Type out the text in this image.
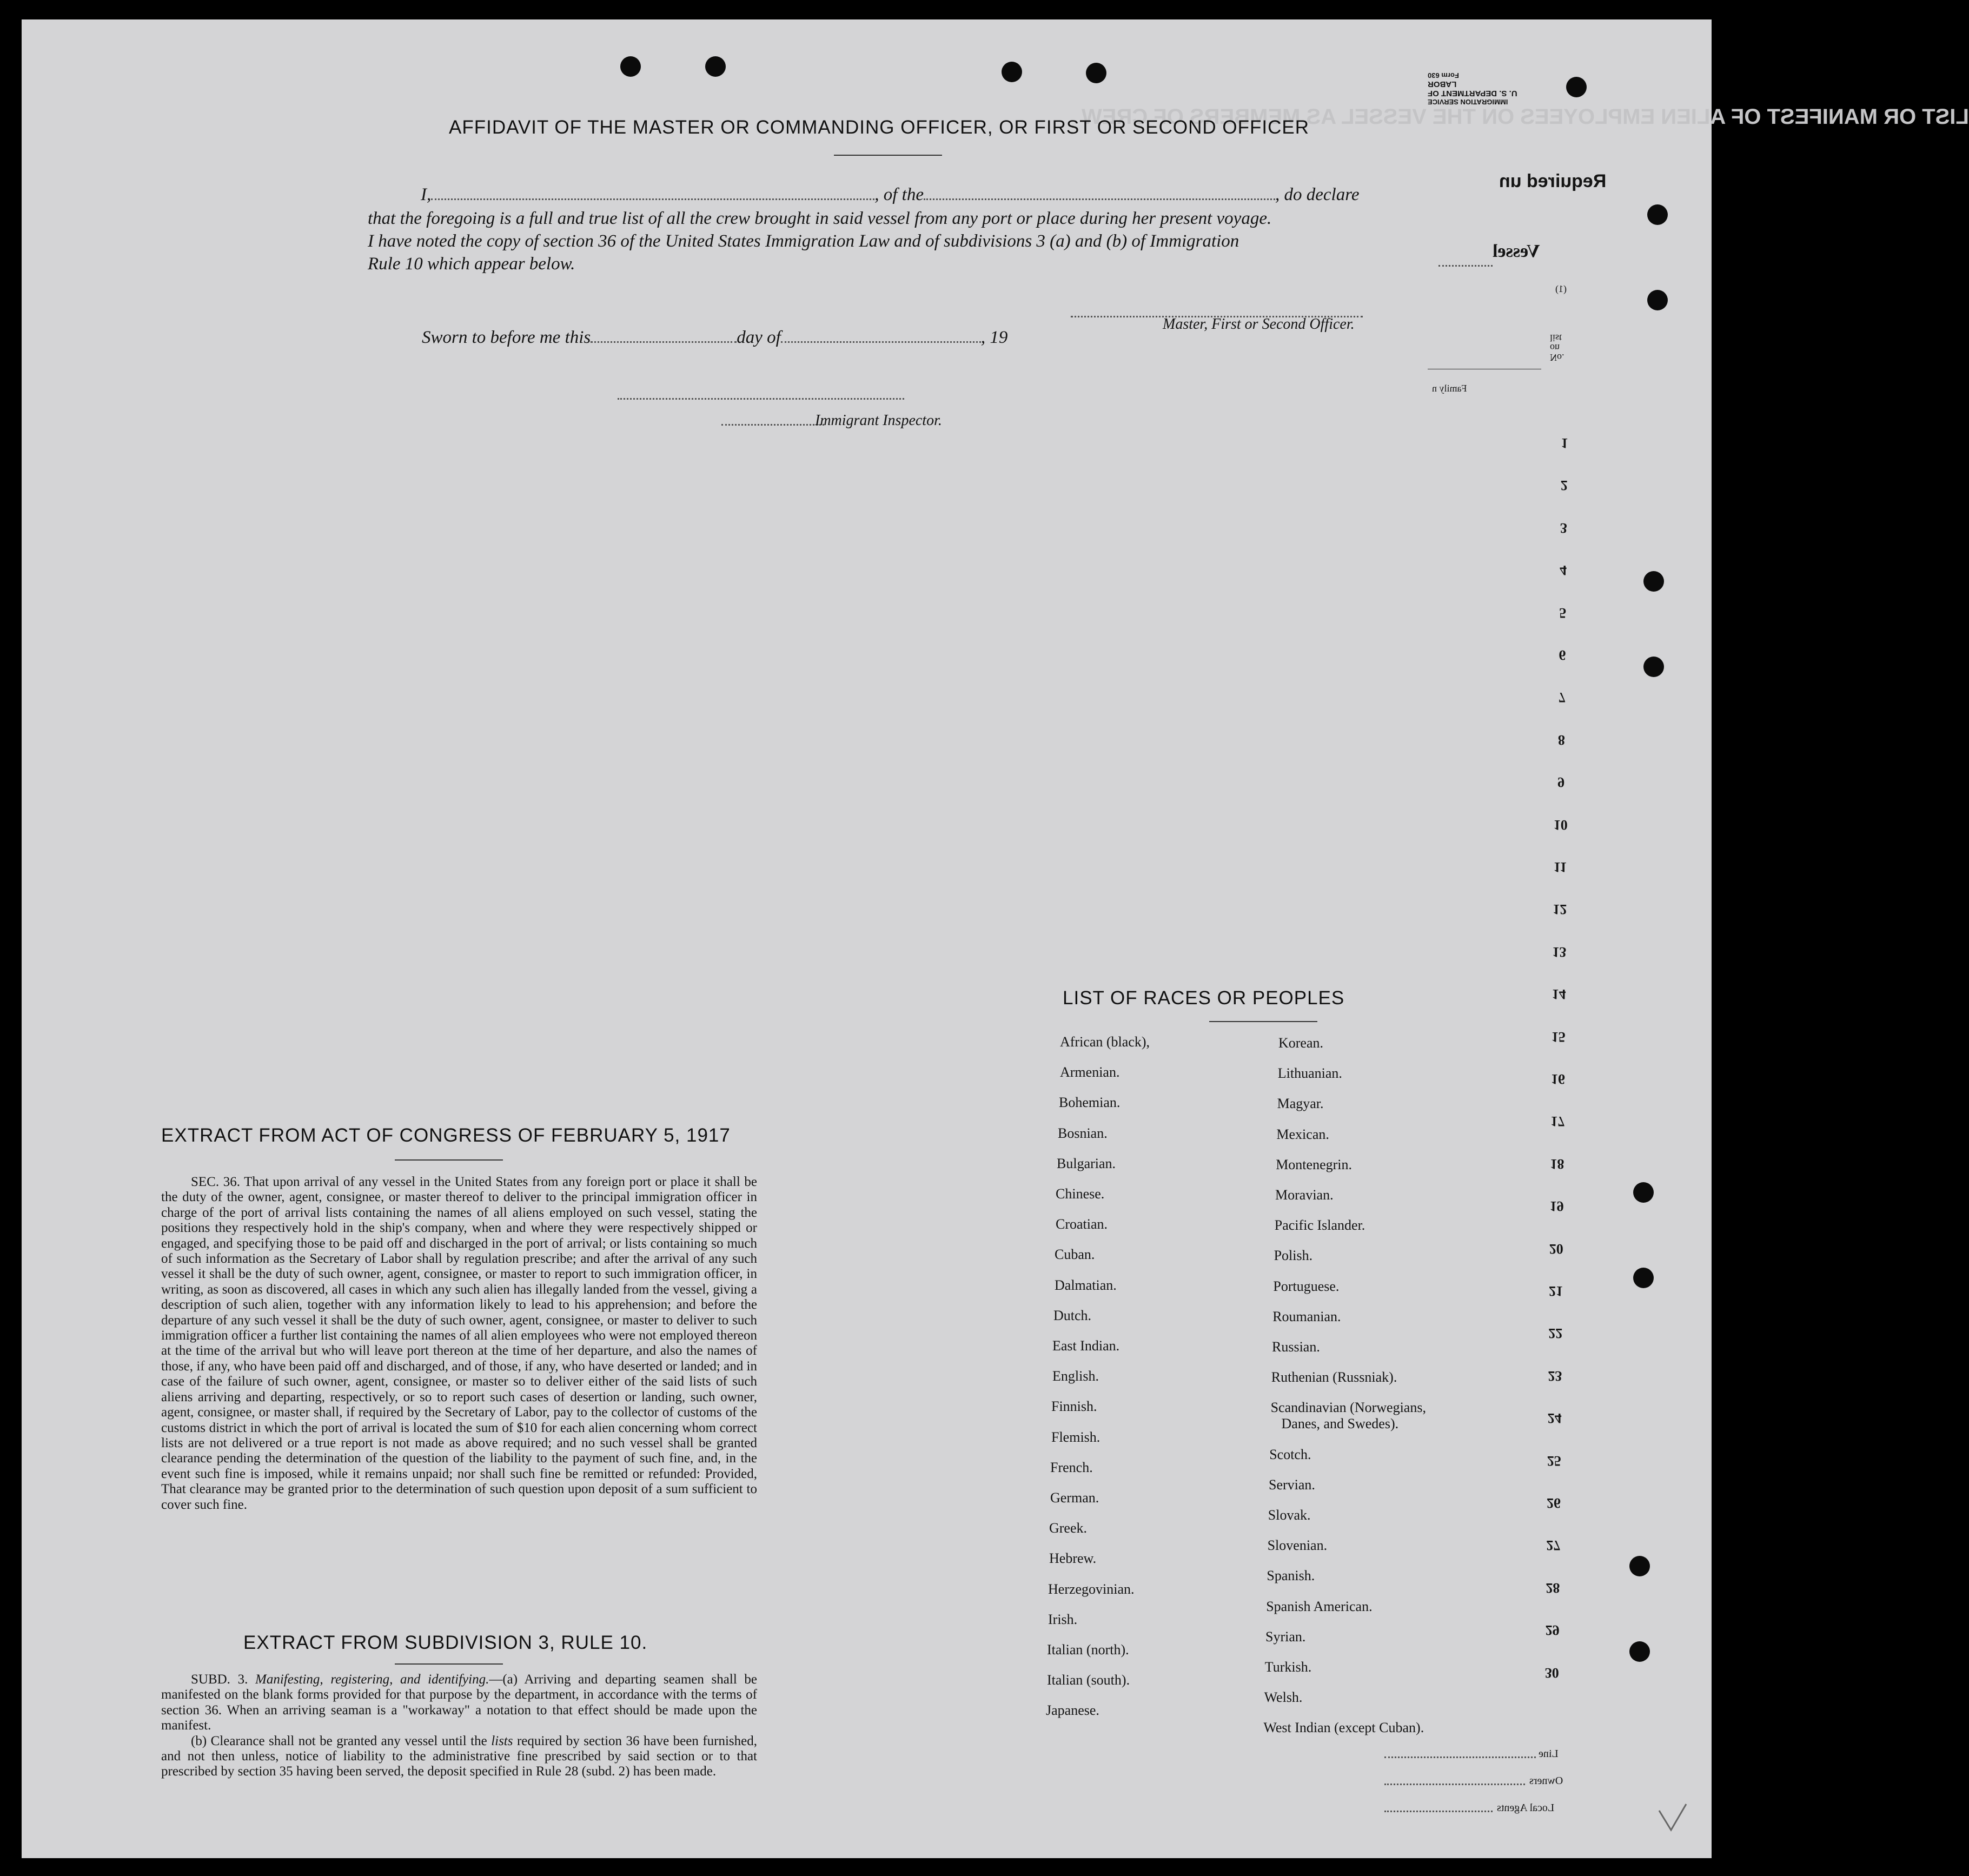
LIST OR MANIFEST OF ALIEN EMPLOYEES ON THE VESSEL AS MEMBERS OF CREW
AFFIDAVIT OF THE MASTER OR COMMANDING OFFICER, OR FIRST OR SECOND OFFICER
I,	, of the	, do declare
that the foregoing is a full and true list of all the crew brought in said vessel from any port or place during her present voyage.
I have noted the copy of section 36 of the United States Immigration Law and of subdivisions 3 (a) and (b) of Immigration
Rule 10 which appear below.
Master, First or Second Officer.
Sworn to before me this	day of	, 19
Immigrant Inspector.
EXTRACT FROM ACT OF CONGRESS OF FEBRUARY 5, 1917

SEC. 36. That upon arrival of any vessel in the United States from any foreign port or place it shall be the duty of the owner, agent, consignee, or master thereof to deliver to the principal immigration officer in charge of the port of arrival lists containing the names of all aliens employed on such vessel, stating the positions they respectively hold in the ship's company, when and where they were respectively shipped or engaged, and specifying those to be paid off and discharged in the port of arrival; or lists containing so much of such information as the Secretary of Labor shall by regulation prescribe; and after the arrival of any such vessel it shall be the duty of such owner, agent, consignee, or master to report to such immigration officer, in writing, as soon as discovered, all cases in which any such alien has illegally landed from the vessel, giving a description of such alien, together with any information likely to lead to his apprehension; and before the departure of any such vessel it shall be the duty of such owner, agent, consignee, or master to deliver to such immigration officer a further list containing the names of all alien employees who were not employed thereon at the time of the arrival but who will leave port thereon at the time of her departure, and also the names of those, if any, who have been paid off and discharged, and of those, if any, who have deserted or landed; and in case of the failure of such owner, agent, consignee, or master so to deliver either of the said lists of such aliens arriving and departing, respectively, or so to report such cases of desertion or landing, such owner, agent, consignee, or master shall, if required by the Secretary of Labor, pay to the collector of customs of the customs district in which the port of arrival is located the sum of $10 for each alien concerning whom correct lists are not delivered or a true report is not made as above required; and no such vessel shall be granted clearance pending the determination of the question of the liability to the payment of such fine, and, in the event such fine is imposed, while it remains unpaid; nor shall such fine be remitted or refunded: Provided, That clearance may be granted prior to the determination of such question upon deposit of a sum sufficient to cover such fine.

EXTRACT FROM SUBDIVISION 3, RULE 10.

SUBD. 3. Manifesting, registering, and identifying.—(a) Arriving and departing seamen shall be manifested on the blank forms provided for that purpose by the department, in accordance with the terms of section 36. When an arriving seaman is a "workaway" a notation to that effect should be made upon the manifest.

(b) Clearance shall not be granted any vessel until the lists required by section 36 have been furnished, and not then unless, notice of liability to the administrative fine prescribed by said section or to that prescribed by section 35 having been served, the deposit specified in Rule 28 (subd. 2) has been made.

LIST OF RACES OR PEOPLES
African (black),
Armenian.
Bohemian.
Bosnian.
Bulgarian.
Chinese.
Croatian.
Cuban.
Dalmatian.
Dutch.
East Indian.
English.
Finnish.
Flemish.
French.
German.
Greek.
Hebrew.
Herzegovinian.
Irish.
Italian (north).
Italian (south).
Japanese.
Korean.
Lithuanian.
Magyar.
Mexican.
Montenegrin.
Moravian.
Pacific Islander.
Polish.
Portuguese.
Roumanian.
Russian.
Ruthenian (Russniak).
Scandinavian (Norwegians,
Danes, and Swedes).
Scotch.
Servian.
Slovak.
Slovenian.
Spanish.
Spanish American.
Syrian.
Turkish.
Welsh.
West Indian (except Cuban).
IMMIGRATION SERVICE
U. S. DEPARTMENT OF LABOR
Form 630
Required un
Vessel
(1)
No. on list
Family n
1
2
3
4
5
6
7
8
9
10
11
12
13
14
15
16
17
18
19
20
21
22
23
24
25
26
27
28
29
30
Line
Owners
Local Agents
